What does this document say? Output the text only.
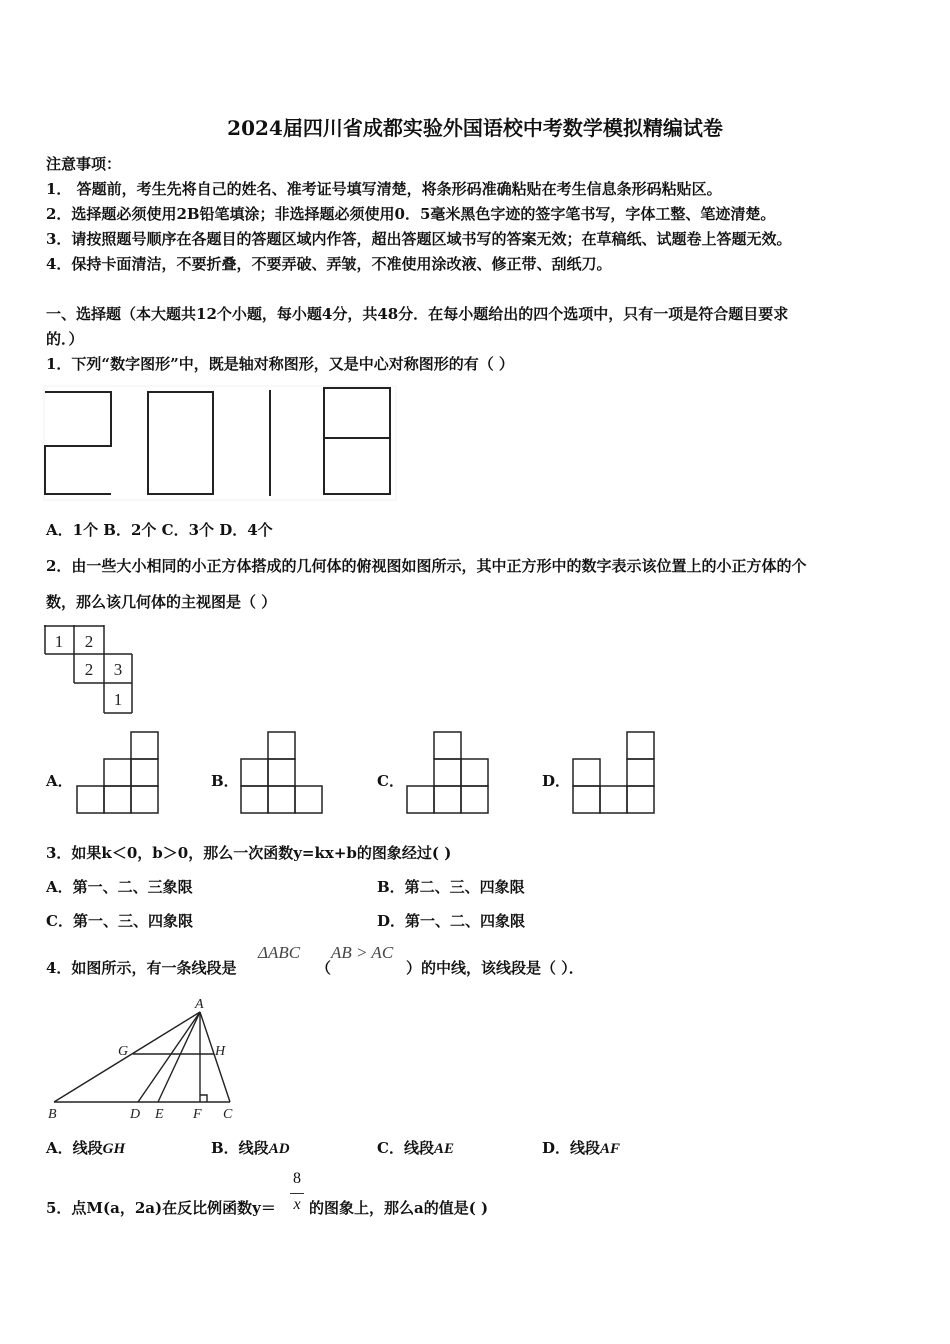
2024届四川省成都实验外国语校中考数学模拟精编试卷
注意事项：
1． 答题前，考生先将自己的姓名、准考证号填写清楚，将条形码准确粘贴在考生信息条形码粘贴区。
2．选择题必须使用2B铅笔填涂；非选择题必须使用0．5毫米黑色字迹的签字笔书写，字体工整、笔迹清楚。
3．请按照题号顺序在各题目的答题区域内作答，超出答题区域书写的答案无效；在草稿纸、试题卷上答题无效。
4．保持卡面清洁，不要折叠，不要弄破、弄皱，不准使用涂改液、修正带、刮纸刀。
一、选择题（本大题共12个小题，每小题4分，共48分．在每小题给出的四个选项中，只有一项是符合题目要求
的．）
1．下列“数字图形”中，既是轴对称图形，又是中心对称图形的有（ ）
A．1个 B．2个 C．3个 D．4个
2．由一些大小相同的小正方体搭成的几何体的俯视图如图所示，其中正方形中的数字表示该位置上的小正方体的个
数，那么该几何体的主视图是（ ）
1 2
2 3
1
A．	B．	C．	D．
3．如果k＜0，b＞0，那么一次函数y=kx+b的图象经过( )
A．第一、二、三象限	B．第二、三、四象限
C．第一、三、四象限	D．第一、二、四象限
4．如图所示，有一条线段是
ΔABC
（
AB > AC
）的中线，该线段是（ ）．
A
G	H
B	D E F C
A．线段GH	B．线段AD	C．线段AE	D．线段AF
5．点M(a，2a)在反比例函数y＝
8
x 的图象上，那么a的值是( )
